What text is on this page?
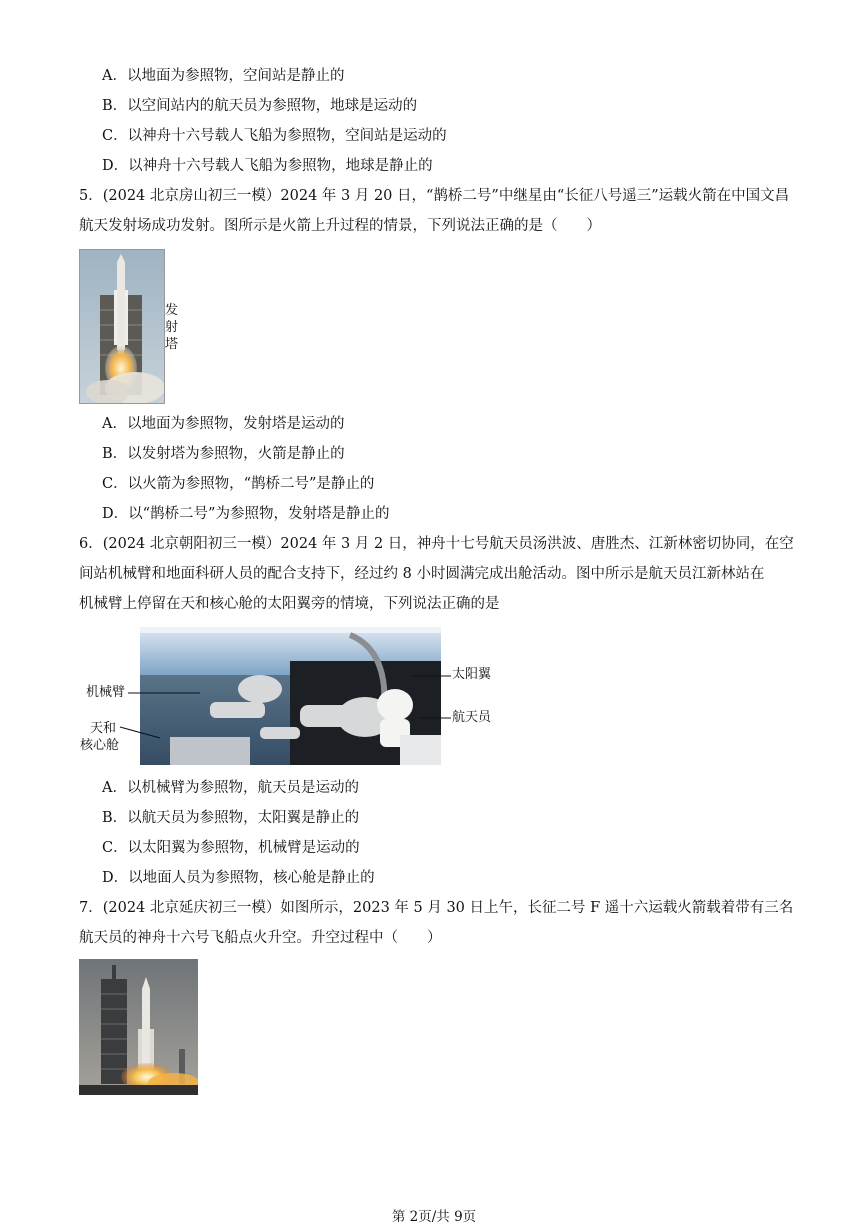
A．以地面为参照物，空间站是静止的
B．以空间站内的航天员为参照物，地球是运动的
C．以神舟十六号载人飞船为参照物，空间站是运动的
D．以神舟十六号载人飞船为参照物，地球是静止的
5．(2024 北京房山初三一模）2024 年 3 月 20 日，“鹊桥二号”中继星由“长征八号遥三”运载火箭在中国文昌
航天发射场成功发射。图所示是火箭上升过程的情景，下列说法正确的是（　　）
发射塔
A．以地面为参照物，发射塔是运动的
B．以发射塔为参照物，火箭是静止的
C．以火箭为参照物，“鹊桥二号”是静止的
D．以“鹊桥二号”为参照物，发射塔是静止的
6．(2024 北京朝阳初三一模）2024 年 3 月 2 日，神舟十七号航天员汤洪波、唐胜杰、江新林密切协同，在空
间站机械臂和地面科研人员的配合支持下，经过约 8 小时圆满完成出舱活动。图中所示是航天员江新林站在
机械臂上停留在天和核心舱的太阳翼旁的情境，下列说法正确的是
机械臂
天和
核心舱
太阳翼
航天员
A．以机械臂为参照物，航天员是运动的
B．以航天员为参照物，太阳翼是静止的
C．以太阳翼为参照物，机械臂是运动的
D．以地面人员为参照物，核心舱是静止的
7．(2024 北京延庆初三一模）如图所示，2023 年 5 月 30 日上午，长征二号 F 遥十六运载火箭载着带有三名
航天员的神舟十六号飞船点火升空。升空过程中（　　）
第 2页/共 9页
